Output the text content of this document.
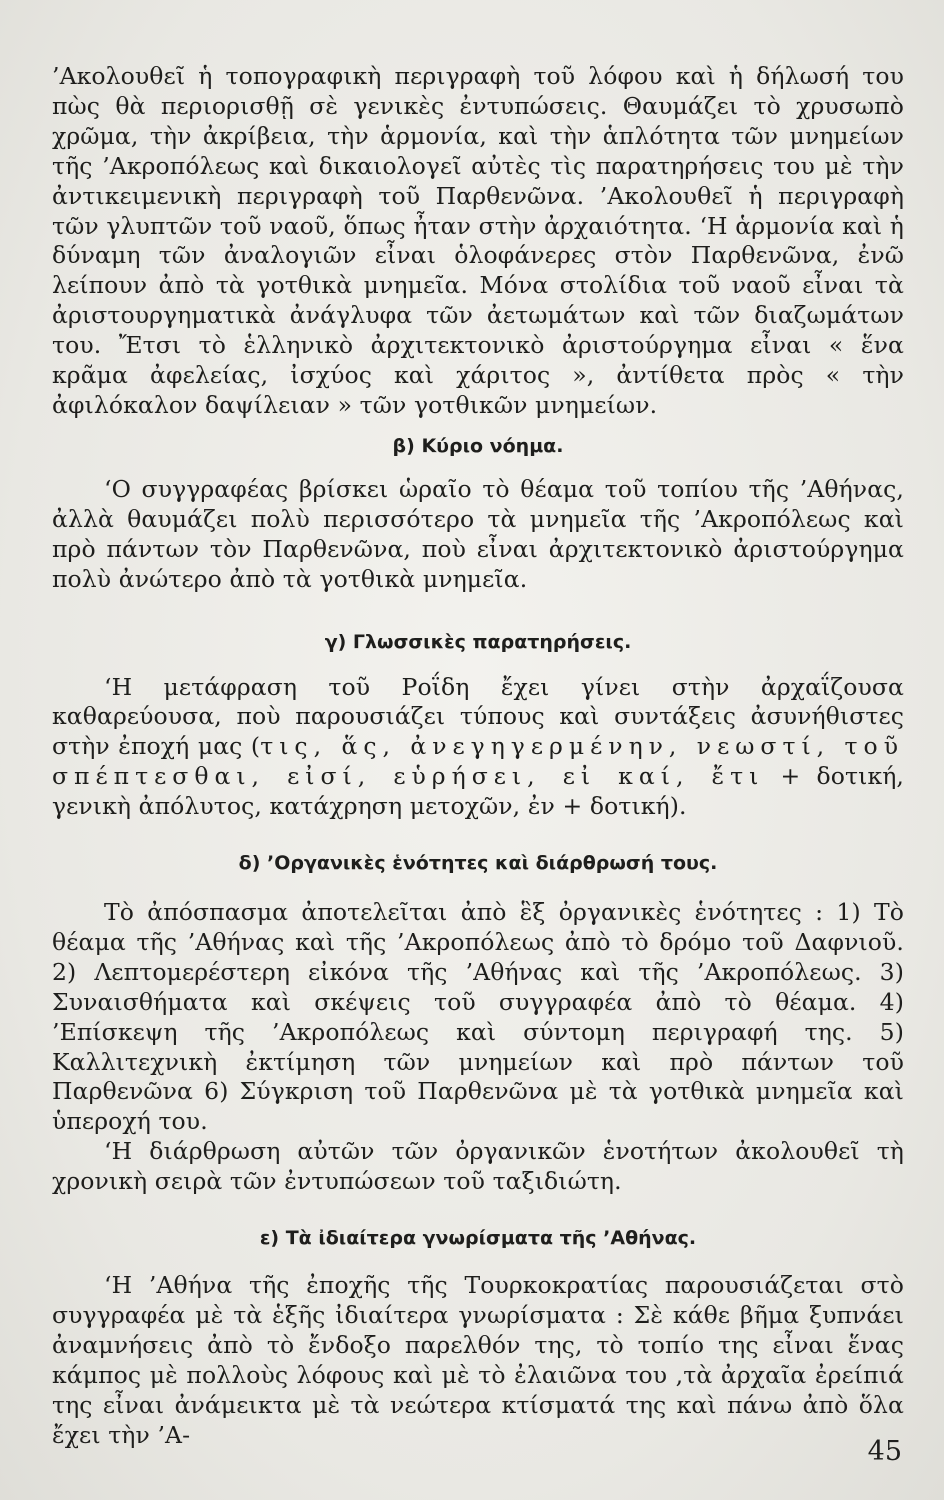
’Ακολουθεῖ ἡ τοπογραφικὴ περιγραφὴ τοῦ λόφου καὶ ἡ δήλωσή του πὼς θὰ περιορισθῇ σὲ γενικὲς ἐντυπώσεις. Θαυμάζει τὸ χρυσωπὸ χρῶμα, τὴν ἀκρίβεια, τὴν ἁρμονία, καὶ τὴν ἁπλότητα τῶν μνημείων τῆς ’Ακροπόλεως καὶ δικαιολογεῖ αὐτὲς τὶς παρατηρήσεις του μὲ τὴν ἀντικειμενικὴ περιγραφὴ τοῦ Παρθενῶνα. ’Ακολουθεῖ ἡ περιγραφὴ τῶν γλυπτῶν τοῦ ναοῦ, ὅπως ἦταν στὴν ἀρχαιότητα. ‘Η ἁρμονία καὶ ἡ δύναμη τῶν ἀναλογιῶν εἶναι ὁλοφάνερες στὸν Παρθενῶνα, ἐνῶ λείπουν ἀπὸ τὰ γοτθικὰ μνημεῖα. Μόνα στολίδια τοῦ ναοῦ εἶναι τὰ ἀριστουργηματικὰ ἀνάγλυφα τῶν ἀετωμάτων καὶ τῶν διαζωμάτων του. Ἔτσι τὸ ἑλληνικὸ ἀρχιτεκτονικὸ ἀριστούργημα εἶναι « ἕνα κρᾶμα ἀφελείας, ἰσχύος καὶ χάριτος », ἀντίθετα πρὸς « τὴν ἀφιλόκαλον δαψίλειαν » τῶν γοτθικῶν μνημείων.

β) Κύριο νόημα.

‘Ο συγγραφέας βρίσκει ὡραῖο τὸ θέαμα τοῦ τοπίου τῆς ’Αθήνας, ἀλλὰ θαυμάζει πολὺ περισσότερο τὰ μνημεῖα τῆς ’Ακροπόλεως καὶ πρὸ πάντων τὸν Παρθενῶνα, ποὺ εἶναι ἀρχιτεκτονικὸ ἀριστούργημα πολὺ ἀνώτερο ἀπὸ τὰ γοτθικὰ μνημεῖα.

γ) Γλωσσικὲς παρατηρήσεις.

‘Η μετάφραση τοῦ Ροΐδη ἔχει γίνει στὴν ἀρχαΐζουσα καθαρεύουσα, ποὺ παρουσιάζει τύπους καὶ συντάξεις ἀσυνήθιστες στὴν ἐποχή μας (τις, ἅς, ἀνεγηγερμένην, νεωστί, τοῦ σπέπτεσθαι, εἰσί, εὑρήσει, εἰ καί, ἔτι + δοτική, γενικὴ ἀπόλυτος, κατάχρηση μετοχῶν, ἐν + δοτική).

δ) ’Οργανικὲς ἑνότητες καὶ διάρθρωσή τους.

Τὸ ἀπόσπασμα ἀποτελεῖται ἀπὸ ἓξ ὀργανικὲς ἑνότητες : 1) Τὸ θέαμα τῆς ’Αθήνας καὶ τῆς ’Ακροπόλεως ἀπὸ τὸ δρόμο τοῦ Δαφνιοῦ. 2) Λεπτομερέστερη εἰκόνα τῆς ’Αθήνας καὶ τῆς ’Ακροπόλεως. 3) Συναισθήματα καὶ σκέψεις τοῦ συγγραφέα ἀπὸ τὸ θέαμα. 4) ’Επίσκεψη τῆς ’Ακροπόλεως καὶ σύντομη περιγραφή της. 5) Καλλιτεχνικὴ ἐκτίμηση τῶν μνημείων καὶ πρὸ πάντων τοῦ Παρθενῶνα 6) Σύγκριση τοῦ Παρθενῶνα μὲ τὰ γοτθικὰ μνημεῖα καὶ ὑπεροχή του.

‘Η διάρθρωση αὐτῶν τῶν ὀργανικῶν ἑνοτήτων ἀκολουθεῖ τὴ χρονικὴ σειρὰ τῶν ἐντυπώσεων τοῦ ταξιδιώτη.

ε) Τὰ ἰδιαίτερα γνωρίσματα τῆς ’Αθήνας.

‘Η ’Αθήνα τῆς ἐποχῆς τῆς Τουρκοκρατίας παρουσιάζεται στὸ συγγραφέα μὲ τὰ ἑξῆς ἰδιαίτερα γνωρίσματα : Σὲ κάθε βῆμα ξυπνάει ἀναμνήσεις ἀπὸ τὸ ἔνδοξο παρελθόν της, τὸ τοπίο της εἶναι ἕνας κάμπος μὲ πολλοὺς λόφους καὶ μὲ τὸ ἐλαιῶνα του ,τὰ ἀρχαῖα ἐρείπιά της εἶναι ἀνάμεικτα μὲ τὰ νεώτερα κτίσματά της καὶ πάνω ἀπὸ ὅλα ἔχει τὴν ’Α-

45
